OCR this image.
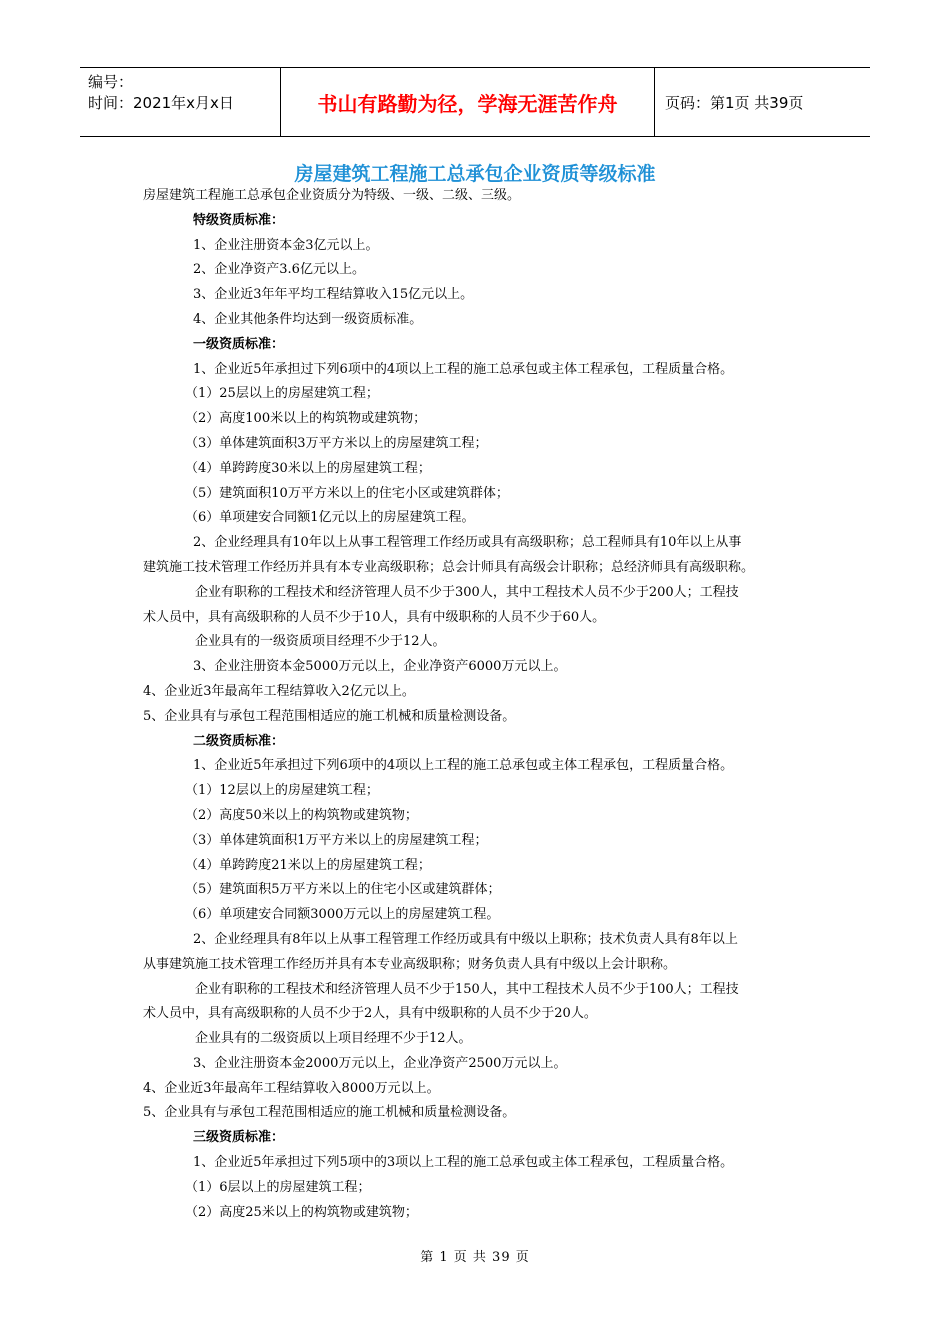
编号：
时间：2021年x月x日	书山有路勤为径，学海无涯苦作舟	页码：第1页 共39页
房屋建筑工程施工总承包企业资质等级标准
房屋建筑工程施工总承包企业资质分为特级、一级、二级、三级。
特级资质标准：
1、企业注册资本金3亿元以上。
2、企业净资产3.6亿元以上。
3、企业近3年年平均工程结算收入15亿元以上。
4、企业其他条件均达到一级资质标准。
一级资质标准：
1、企业近5年承担过下列6项中的4项以上工程的施工总承包或主体工程承包，工程质量合格。
（1）25层以上的房屋建筑工程；
（2）高度100米以上的构筑物或建筑物；
（3）单体建筑面积3万平方米以上的房屋建筑工程；
（4）单跨跨度30米以上的房屋建筑工程；
（5）建筑面积10万平方米以上的住宅小区或建筑群体；
（6）单项建安合同额1亿元以上的房屋建筑工程。
2、企业经理具有10年以上从事工程管理工作经历或具有高级职称；总工程师具有10年以上从事
建筑施工技术管理工作经历并具有本专业高级职称；总会计师具有高级会计职称；总经济师具有高级职称。
企业有职称的工程技术和经济管理人员不少于300人，其中工程技术人员不少于200人；工程技
术人员中，具有高级职称的人员不少于10人，具有中级职称的人员不少于60人。
企业具有的一级资质项目经理不少于12人。
3、企业注册资本金5000万元以上，企业净资产6000万元以上。
4、企业近3年最高年工程结算收入2亿元以上。
5、企业具有与承包工程范围相适应的施工机械和质量检测设备。
二级资质标准：
1、企业近5年承担过下列6项中的4项以上工程的施工总承包或主体工程承包，工程质量合格。
（1）12层以上的房屋建筑工程；
（2）高度50米以上的构筑物或建筑物；
（3）单体建筑面积1万平方米以上的房屋建筑工程；
（4）单跨跨度21米以上的房屋建筑工程；
（5）建筑面积5万平方米以上的住宅小区或建筑群体；
（6）单项建安合同额3000万元以上的房屋建筑工程。
2、企业经理具有8年以上从事工程管理工作经历或具有中级以上职称；技术负责人具有8年以上
从事建筑施工技术管理工作经历并具有本专业高级职称；财务负责人具有中级以上会计职称。
企业有职称的工程技术和经济管理人员不少于150人，其中工程技术人员不少于100人；工程技
术人员中，具有高级职称的人员不少于2人，具有中级职称的人员不少于20人。
企业具有的二级资质以上项目经理不少于12人。
3、企业注册资本金2000万元以上，企业净资产2500万元以上。
4、企业近3年最高年工程结算收入8000万元以上。
5、企业具有与承包工程范围相适应的施工机械和质量检测设备。
三级资质标准：
1、企业近5年承担过下列5项中的3项以上工程的施工总承包或主体工程承包，工程质量合格。
（1）6层以上的房屋建筑工程；
（2）高度25米以上的构筑物或建筑物；
第 1 页 共 39 页
